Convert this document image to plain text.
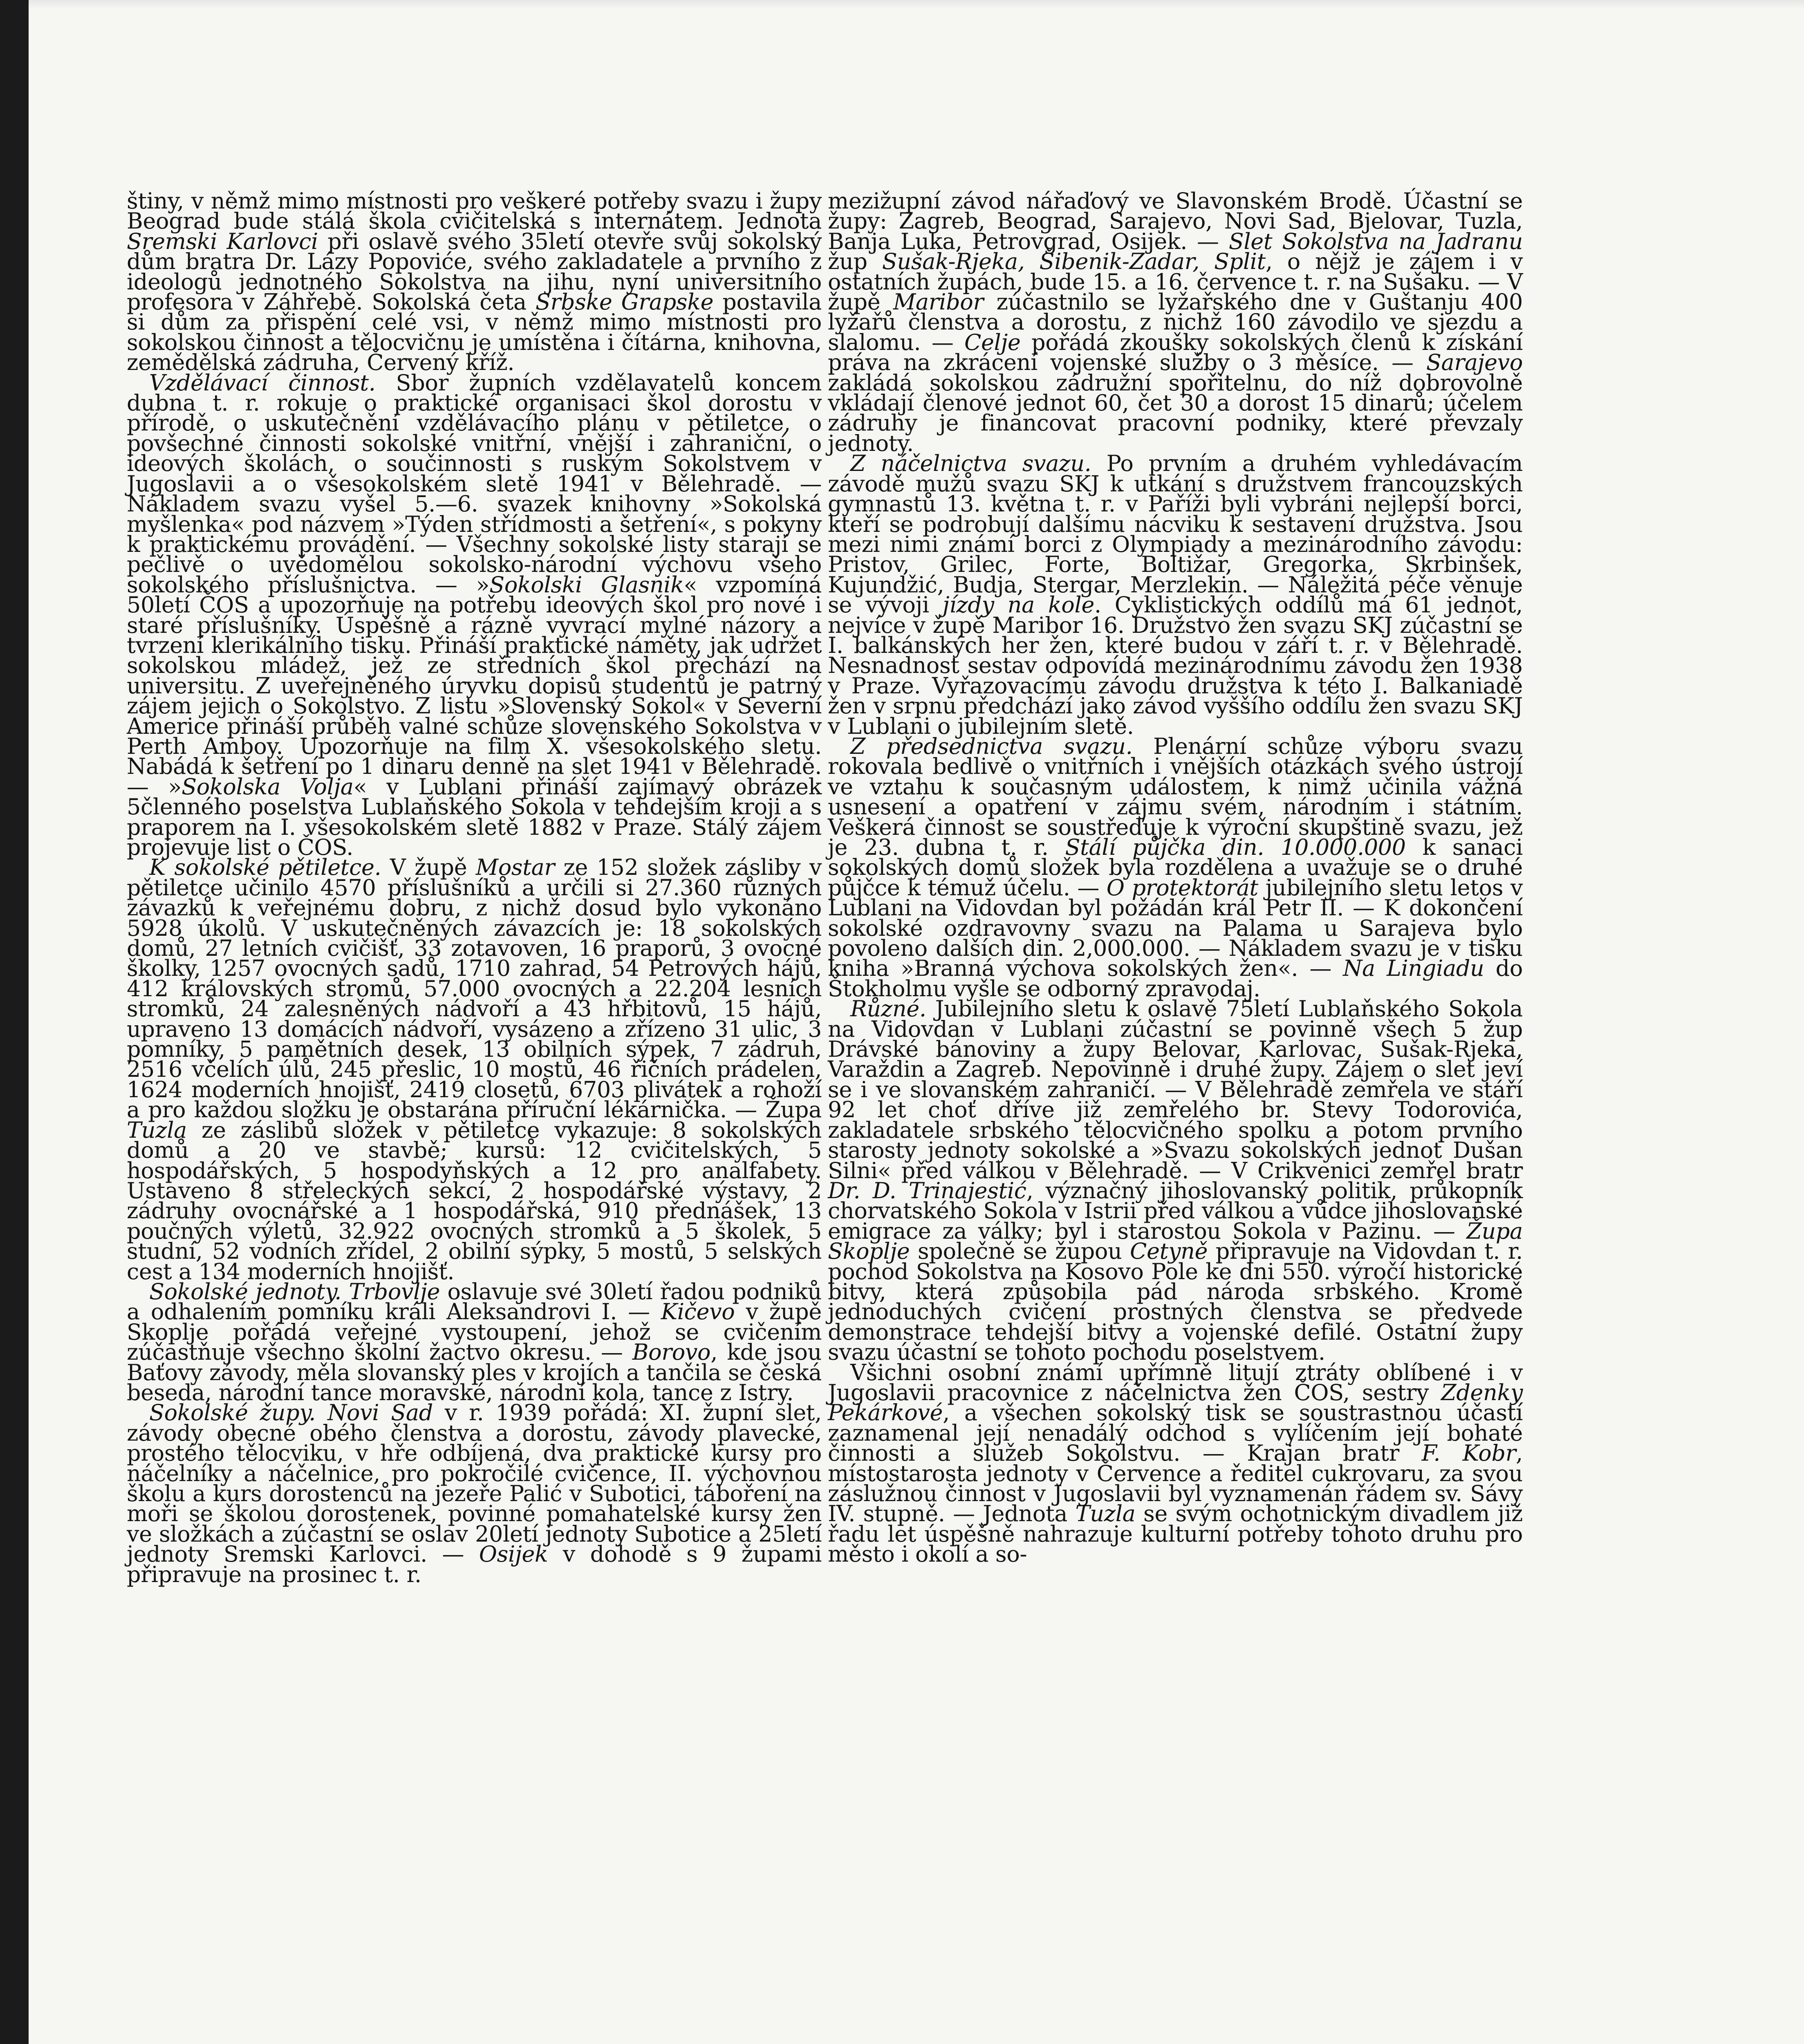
štiny, v němž mimo místnosti pro veškeré potřeby svazu i župy Beograd bude stálá škola cvičitelská s internátem. Jednota Sremski Karlovci při oslavě svého 35letí otevře svůj sokolský dům bratra Dr. Lázy Popoviće, svého zakladatele a prvního z ideologů jednotného Sokolstva na jihu, nyní universitního profesora v Záhřebě. Sokolská četa Srbske Grapske postavila si dům za přispění celé vsi, v němž mimo místnosti pro sokolskou činnost a tělocvičnu je umístěna i čítárna, knihovna, zemědělská zádruha, Červený kříž.

Vzdělávací činnost. Sbor župních vzdělavatelů koncem dubna t. r. rokuje o praktické organisaci škol dorostu v přírodě, o uskutečnění vzdělávacího plánu v pětiletce, o povšechné činnosti sokolské vnitřní, vnější i zahraniční, o ideových školách, o součinnosti s ruským Sokolstvem v Jugoslavii a o všesokolském sletě 1941 v Bělehradě. — Nákladem svazu vyšel 5.—6. svazek knihovny »Sokolská myšlenka« pod názvem »Týden střídmosti a šetření«, s pokyny k praktickému provádění. — Všechny sokolské listy starají se pečlivě o uvědomělou sokolsko-národní výchovu všeho sokolského příslušnictva. — »Sokolski Glasnik« vzpomíná 50letí ČOS a upozorňuje na potřebu ideových škol pro nové i staré příslušníky. Úspěšně a rázně vyvrací mylné názory a tvrzení klerikálního tisku. Přináší praktické náměty, jak udržet sokolskou mládež, jež ze středních škol přechází na universitu. Z uveřejněného úryvku dopisů studentů je patrný zájem jejich o Sokolstvo. Z listu »Slovenský Sokol« v Severní Americe přináší průběh valné schůze slovenského Sokolstva v Perth Amboy. Upozorňuje na film X. všesokolského sletu. Nabádá k šetření po 1 dinaru denně na slet 1941 v Bělehradě. — »Sokolska Volja« v Lublani přináší zajímavý obrázek 5členného poselstva Lublaňského Sokola v tehdejším kroji a s praporem na I. všesokolském sletě 1882 v Praze. Stálý zájem projevuje list o ČOS.

K sokolské pětiletce. V župě Mostar ze 152 složek zásliby v pětiletce učinilo 4570 příslušníků a určili si 27.360 různých závazků k veřejnému dobru, z nichž dosud bylo vykonáno 5928 úkolů. V uskutečněných závazcích je: 18 sokolských domů, 27 letních cvičišť, 33 zotavoven, 16 praporů, 3 ovocné školky, 1257 ovocných sadů, 1710 zahrad, 54 Petrových hájů, 412 královských stromů, 57.000 ovocných a 22.204 lesních stromků, 24 zalesněných nádvoří a 43 hřbitovů, 15 hájů, upraveno 13 domácích nádvoří, vysázeno a zřízeno 31 ulic, 3 pomníky, 5 pamětních desek, 13 obilních sýpek, 7 zádruh, 2516 včelích úlů, 245 přeslic, 10 mostů, 46 řičních prádelen, 1624 moderních hnojišť, 2419 closetů, 6703 plivátek a rohoží a pro každou složku je obstarána příruční lékárnička. — Župa Tuzla ze záslibů složek v pětiletce vykazuje: 8 sokolských domů a 20 ve stavbě; kursů: 12 cvičitelských, 5 hospodářských, 5 hospodyňských a 12 pro analfabety. Ustaveno 8 střeleckých sekcí, 2 hospodářské výstavy, 2 zádruhy ovocnářské a 1 hospodářská, 910 přednášek, 13 poučných výletů, 32.922 ovocných stromků a 5 školek, 5 studní, 52 vodních zřídel, 2 obilní sýpky, 5 mostů, 5 selských cest a 134 moderních hnojišť.

Sokolské jednoty. Trbovlje oslavuje své 30letí řadou podniků a odhalením pomníku králi Aleksandrovi I. — Kičevo v župě Skoplje pořádá veřejné vystoupení, jehož se cvičením zúčastňuje všechno školní žactvo okresu. — Borovo, kde jsou Baťovy závody, měla slovanský ples v krojích a tančila se česká beseda, národní tance moravské, národní kola, tance z Istry.

Sokolské župy. Novi Sad v r. 1939 pořádá: XI. župní slet, závody obecné obého členstva a dorostu, závody plavecké, prostého tělocviku, v hře odbíjená, dva praktické kursy pro náčelníky a náčelnice, pro pokročilé cvičence, II. výchovnou školu a kurs dorostenců na jezeře Palić v Subotici, táboření na moři se školou dorostenek, povinné pomahatelské kursy žen ve složkách a zúčastní se oslav 20letí jednoty Subotice a 25letí jednoty Sremski Karlovci. — Osijek v dohodě s 9 župami připravuje na prosinec t. r.

mezižupní závod nářaďový ve Slavonském Brodě. Účastní se župy: Zagreb, Beograd, Sarajevo, Novi Sad, Bjelovar, Tuzla, Banja Luka, Petrovgrad, Osijek. — Slet Sokolstva na Jadranu žup Sušak-Rjeka, Šibenik-Zadar, Split, o nějž je zájem i v ostatních župách, bude 15. a 16. července t. r. na Sušaku. — V župě Maribor zúčastnilo se lyžařského dne v Guštanju 400 lyžařů členstva a dorostu, z nichž 160 závodilo ve sjezdu a slalomu. — Celje pořádá zkoušky sokolských členů k získání práva na zkrácení vojenské služby o 3 měsíce. — Sarajevo zakládá sokolskou zádružní spořitelnu, do níž dobrovolně vkládají členové jednot 60, čet 30 a dorost 15 dinarů; účelem zádruhy je financovat pracovní podniky, které převzaly jednoty.

Z náčelnictva svazu. Po prvním a druhém vyhledávacím závodě mužů svazu SKJ k utkání s družstvem francouzských gymnastů 13. května t. r. v Paříži byli vybráni nejlepší borci, kteří se podrobují dalšímu nácviku k sestavení družstva. Jsou mezi nimi známí borci z Olympiady a mezinárodního závodu: Pristov, Grilec, Forte, Boltižar, Gregorka, Skrbinšek, Kujundžić, Budja, Stergar, Merzlekin. — Náležitá péče věnuje se vývoji jízdy na kole. Cyklistických oddílů má 61 jednot, nejvíce v župě Maribor 16. Družstvo žen svazu SKJ zúčastní se I. balkánských her žen, které budou v září t. r. v Bělehradě. Nesnadnost sestav odpovídá mezinárodnímu závodu žen 1938 v Praze. Vyřazovacímu závodu družstva k této I. Balkaniadě žen v srpnu předchází jako závod vyššího oddílu žen svazu SKJ v Lublani o jubilejním sletě.

Z předsednictva svazu. Plenární schůze výboru svazu rokovala bedlivě o vnitřních i vnějších otázkách svého ústrojí ve vztahu k současným událostem, k nimž učinila vážná usnesení a opatření v zájmu svém, národním i státním. Veškerá činnost se soustřeďuje k výroční skupštině svazu, jež je 23. dubna t. r. Stálí půjčka din. 10.000.000 k sanaci sokolských domů složek byla rozdělena a uvažuje se o druhé půjčce k témuž účelu. — O protektorát jubilejního sletu letos v Lublani na Vidovdan byl požádán král Petr II. — K dokončení sokolské ozdravovny svazu na Palama u Sarajeva bylo povoleno dalších din. 2,000.000. — Nákladem svazu je v tisku kniha »Branná výchova sokolských žen«. — Na Lingiadu do Štokholmu vyšle se odborný zpravodaj.

Různé. Jubilejního sletu k oslavě 75letí Lublaňského Sokola na Vidovdan v Lublani zúčastní se povinně všech 5 žup Drávské bánoviny a župy Belovar, Karlovac, Sušak-Rjeka, Varaždin a Zagreb. Nepovinně i druhé župy. Zájem o slet jeví se i ve slovanském zahraničí. — V Bělehradě zemřela ve stáří 92 let choť dříve již zemřelého br. Stevy Todorovića, zakladatele srbského tělocvičného spolku a potom prvního starosty jednoty sokolské a »Svazu sokolských jednot Dušan Silni« před válkou v Bělehradě. — V Crikvenici zemřel bratr Dr. D. Trinajestić, význačný jihoslovanský politik, průkopník chorvatského Sokola v Istrii před válkou a vůdce jihoslovanské emigrace za války; byl i starostou Sokola v Pazinu. — Župa Skoplje společně se župou Cetyně připravuje na Vidovdan t. r. pochod Sokolstva na Kosovo Pole ke dni 550. výročí historické bitvy, která způsobila pád národa srbského. Kromě jednoduchých cvičení prostných členstva se předvede demonstrace tehdejší bitvy a vojenské defilé. Ostatní župy svazu účastní se tohoto pochodu poselstvem.

Všichni osobní známí upřímně litují ztráty oblíbené i v Jugoslavii pracovnice z náčelnictva žen ČOS, sestry Zdenky Pekárkové, a všechen sokolský tisk se soustrastnou účastí zaznamenal její nenadálý odchod s vylíčením její bohaté činnosti a služeb Sokolstvu. — Krajan bratr F. Kobr, místostarosta jednoty v Července a ředitel cukrovaru, za svou záslužnou činnost v Jugoslavii byl vyznamenán řádem sv. Sávy IV. stupně. — Jednota Tuzla se svým ochotnickým divadlem již řadu let úspěšně nahrazuje kulturní potřeby tohoto druhu pro město i okolí a so-
